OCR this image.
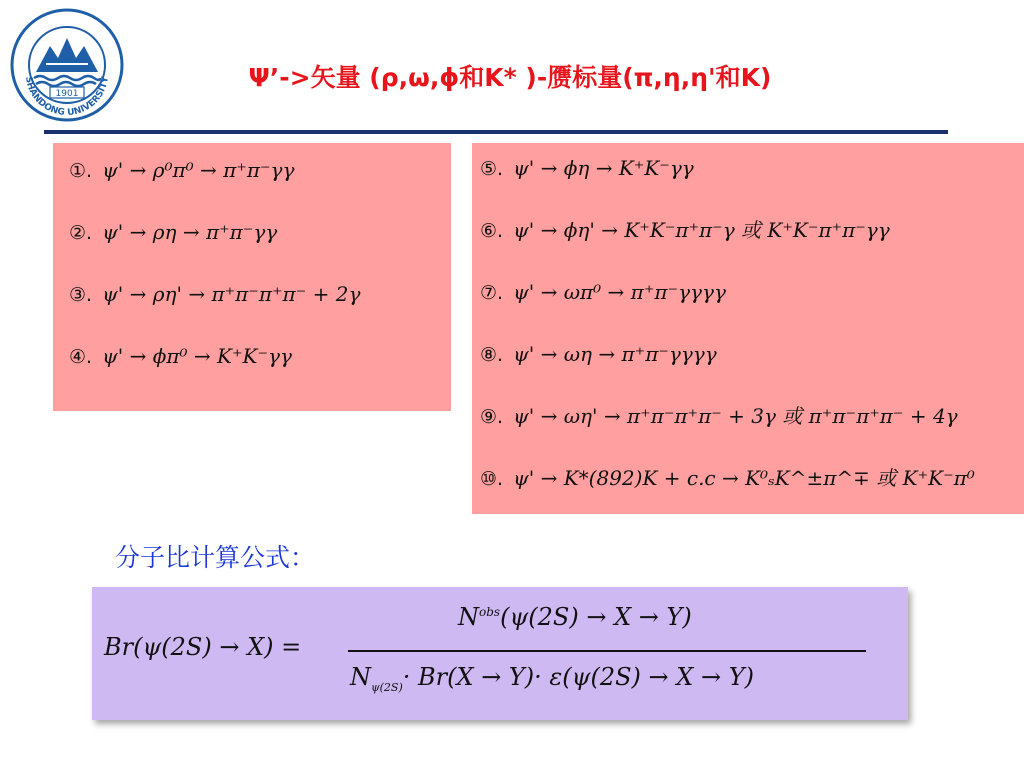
1901
SHANDONG UNIVERSITY	Ψ’->矢量 (ρ,ω,ϕ和K* )-赝标量(π,η,η'和K)
①. ψ' → ρ⁰π⁰ → π⁺π⁻γγ
②. ψ' → ρη → π⁺π⁻γγ
③. ψ' → ρη' → π⁺π⁻π⁺π⁻ + 2γ
④. ψ' → ϕπ⁰ → K⁺K⁻γγ
⑤. ψ' → ϕη → K⁺K⁻γγ
⑥. ψ' → ϕη' → K⁺K⁻π⁺π⁻γ 或 K⁺K⁻π⁺π⁻γγ
⑦. ψ' → ωπ⁰ → π⁺π⁻γγγγ
⑧. ψ' → ωη → π⁺π⁻γγγγ
⑨. ψ' → ωη' → π⁺π⁻π⁺π⁻ + 3γ 或 π⁺π⁻π⁺π⁻ + 4γ
⑩. ψ' → K*(892)K + c.c → K⁰ₛK^±π^∓ 或 K⁺K⁻π⁰
分子比计算公式：
Br(ψ(2S) → X) =
$N^{obs}(\psi(2S) \to X \to Y)$
$N_{\psi(2S)}\cdot Br(X \to Y)\cdot \varepsilon(\psi(2S) \to X \to Y)$
